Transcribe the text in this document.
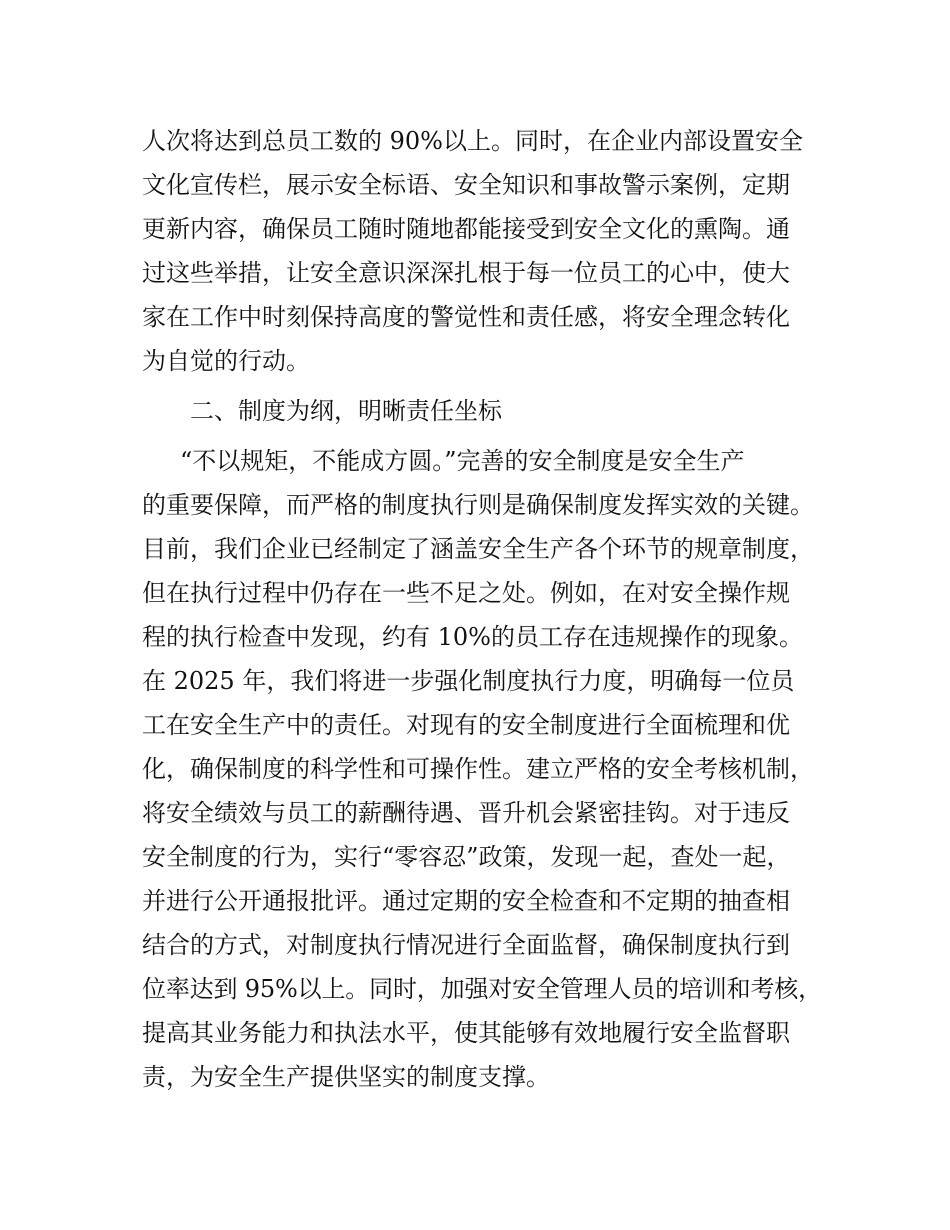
人次将达到总员工数的 90%以上。同时，在企业内部设置安全
文化宣传栏，展示安全标语、安全知识和事故警示案例，定期
更新内容，确保员工随时随地都能接受到安全文化的熏陶。通
过这些举措，让安全意识深深扎根于每一位员工的心中，使大
家在工作中时刻保持高度的警觉性和责任感，将安全理念转化
为自觉的行动。
二、制度为纲，明晰责任坐标
“不以规矩，不能成方圆。”完善的安全制度是安全生产
的重要保障，而严格的制度执行则是确保制度发挥实效的关键。
目前，我们企业已经制定了涵盖安全生产各个环节的规章制度，
但在执行过程中仍存在一些不足之处。例如，在对安全操作规
程的执行检查中发现，约有 10%的员工存在违规操作的现象。
在 2025 年，我们将进一步强化制度执行力度，明确每一位员
工在安全生产中的责任。对现有的安全制度进行全面梳理和优
化，确保制度的科学性和可操作性。建立严格的安全考核机制，
将安全绩效与员工的薪酬待遇、晋升机会紧密挂钩。对于违反
安全制度的行为，实行“零容忍”政策，发现一起，查处一起，
并进行公开通报批评。通过定期的安全检查和不定期的抽查相
结合的方式，对制度执行情况进行全面监督，确保制度执行到
位率达到 95%以上。同时，加强对安全管理人员的培训和考核，
提高其业务能力和执法水平，使其能够有效地履行安全监督职
责，为安全生产提供坚实的制度支撑。
